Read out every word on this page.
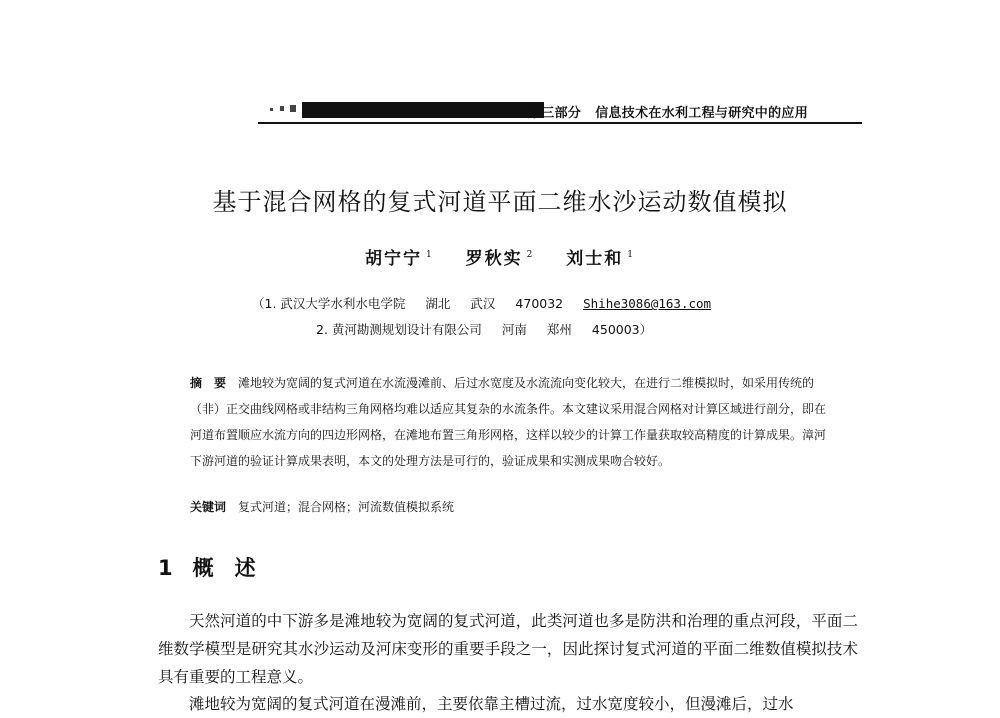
第三部分 信息技术在水利工程与研究中的应用
基于混合网格的复式河道平面二维水沙运动数值模拟
胡宁宁 $^1$ 罗秋实 $^2$ 刘士和 $^1$
（1. 武汉大学水利水电学院 湖北 武汉 470032 Shihe3086@163.com
2. 黄河勘测规划设计有限公司 河南 郑州 450003）
摘　要 滩地较为宽阔的复式河道在水流漫滩前、后过水宽度及水流流向变化较大，在进行二维模拟时，如采用传统的（非）正交曲线网格或非结构三角网格均难以适应其复杂的水流条件。本文建议采用混合网格对计算区域进行剖分，即在河道布置顺应水流方向的四边形网格，在滩地布置三角形网格，这样以较少的计算工作量获取较高精度的计算成果。漳河下游河道的验证计算成果表明，本文的处理方法是可行的，验证成果和实测成果吻合较好。
关键词 复式河道；混合网格；河流数值模拟系统
1 概　述
天然河道的中下游多是滩地较为宽阔的复式河道，此类河道也多是防洪和治理的重点河段，平面二维数学模型是研究其水沙运动及河床变形的重要手段之一，因此探讨复式河道的平面二维数值模拟技术具有重要的工程意义。
滩地较为宽阔的复式河道在漫滩前，主要依靠主槽过流，过水宽度较小，但漫滩后，过水
